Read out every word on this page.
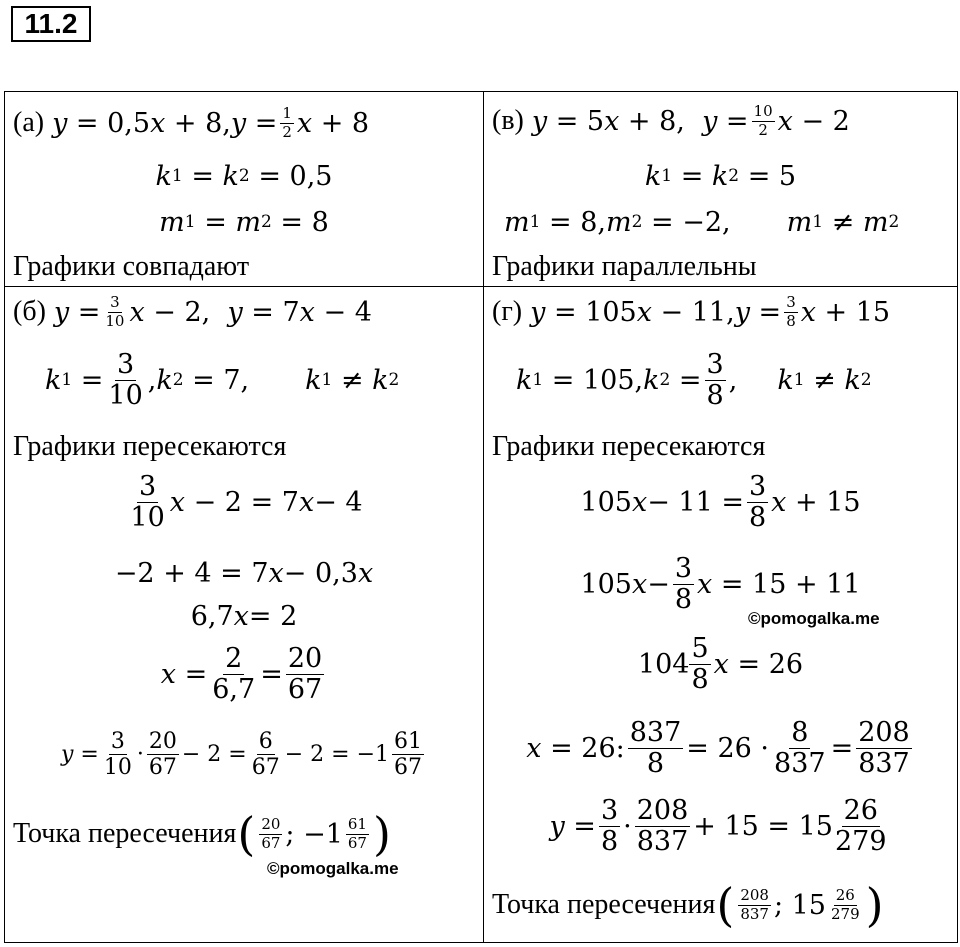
11.2
(а) $y = 0,5x + 8,y = \frac{1}{2}$ x + 8
k 1 = k 2 = 0,5
m 1 = m 2 = 8
Графики совпадают
(в) y = 5x + 8,  $y = \frac{10}{2}$ x − 2
k 1 = k 2 = 5
m 1 = 8, m 2 = −2, m 1 ≠ m 2
Графики параллельны
(б) $y = \frac{3}{10}$ x − 2,  y = 7x − 4
k $1 = \frac{3}{10}$ , k 2 = 7, k 1 ≠ k 2
Графики пересекаются
$\frac{3}{10}$ x − 2 = 7 x − 4
−2 + 4 = 7 x − 0,3 x
6,7 x = 2
$x = \frac{2}{6,7} = \frac{20}{67}$
$y = \frac{3}{10} \cdot \frac{20}{67} - 2 = \frac{6}{67} - 2 = -1 \frac{61}{67}$
Точка пересечения ( $\frac{20}{67}$ ; $-1 \frac{61}{67}$ )
©pomogalka.me
(г) $y = 105x - 11,y = \frac{3}{8}$ x + 15
k 1 = 105, k $2 = \frac{3}{8}$ , k 1 ≠ k 2
Графики пересекаются
105 $x - 11 = \frac{3}{8}$ x + 15
105 $x - \frac{3}{8}$ x = 15 + 11
©pomogalka.me
$104 \frac{5}{8}$ x = 26
x = 26: $\frac{837}{8} = 26 \cdot \frac{8}{837} = \frac{208}{837}$
$y = \frac{3}{8} \cdot \frac{208}{837} + 15 = 15 \frac{26}{279}$
Точка пересечения ( $\frac{208}{837}$ ; $15 \frac{26}{279}$ )
